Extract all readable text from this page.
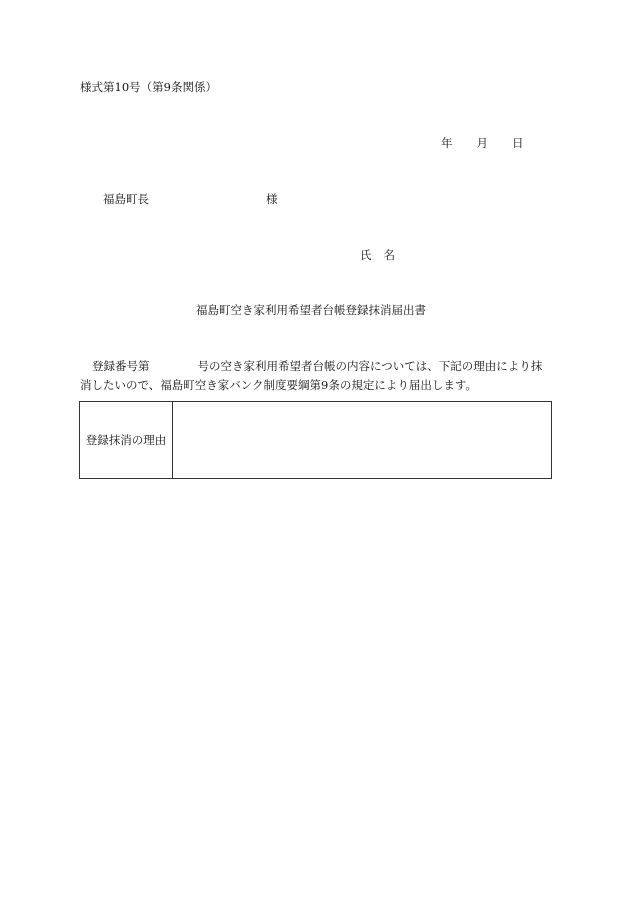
様式第10号（第9条関係）
年 月 日
福島町長	様
氏 名
福島町空き家利用希望者台帳登録抹消届出書
登録番号第	号の空き家利用希望者台帳の内容については、下記の理由により抹
消したいので、福島町空き家バンク制度要綱第9条の規定により届出します。
登録抹消の理由
